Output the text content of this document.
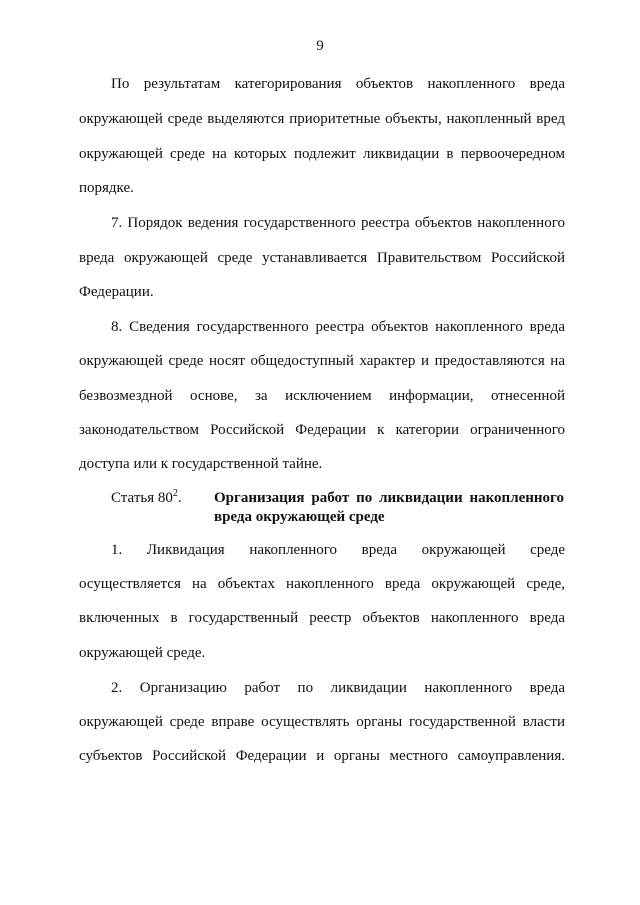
9
По результатам категорирования объектов накопленного вреда
окружающей среде выделяются приоритетные объекты, накопленный вред
окружающей среде на которых подлежит ликвидации в первоочередном
порядке.
7. Порядок ведения государственного реестра объектов накопленного
вреда окружающей среде устанавливается Правительством Российской
Федерации.
8. Сведения государственного реестра объектов накопленного вреда
окружающей среде носят общедоступный характер и предоставляются на
безвозмездной основе, за исключением информации, отнесенной
законодательством Российской Федерации к категории ограниченного
доступа или к государственной тайне.
Статья $80^2$. Организация работ по ликвидации накопленного
вреда окружающей среде
1. Ликвидация накопленного вреда окружающей среде
осуществляется на объектах накопленного вреда окружающей среде,
включенных в государственный реестр объектов накопленного вреда
окружающей среде.
2. Организацию работ по ликвидации накопленного вреда
окружающей среде вправе осуществлять органы государственной власти
субъектов Российской Федерации и органы местного самоуправления.
